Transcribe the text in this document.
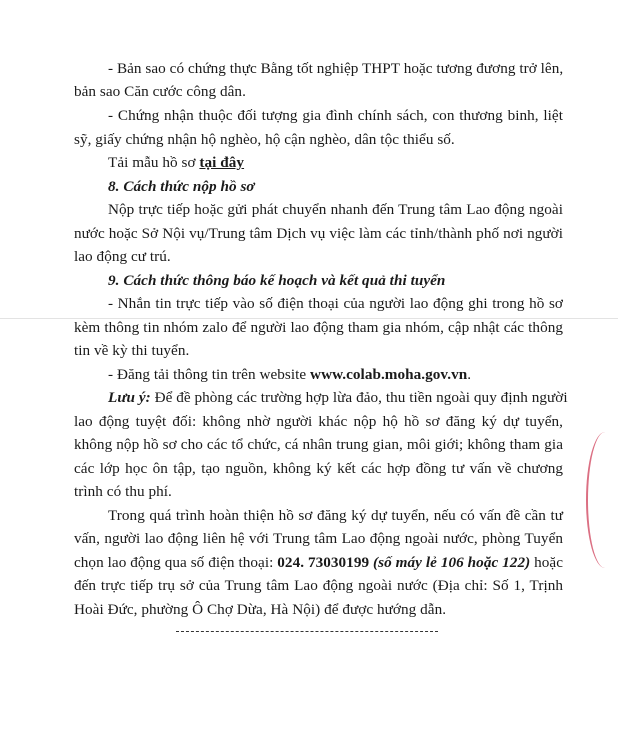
- Bản sao có chứng thực Bằng tốt nghiệp THPT hoặc tương đương trở lên,
bản sao Căn cước công dân.
- Chứng nhận thuộc đối tượng gia đình chính sách, con thương binh, liệt
sỹ, giấy chứng nhận hộ nghèo, hộ cận nghèo, dân tộc thiểu số.
Tải mẫu hồ sơ tại đây
8. Cách thức nộp hồ sơ
Nộp trực tiếp hoặc gửi phát chuyển nhanh đến Trung tâm Lao động ngoài
nước hoặc Sở Nội vụ/Trung tâm Dịch vụ việc làm các tỉnh/thành phố nơi người
lao động cư trú.
9. Cách thức thông báo kế hoạch và kết quả thi tuyển
- Nhắn tin trực tiếp vào số điện thoại của người lao động ghi trong hồ sơ
kèm thông tin nhóm zalo để người lao động tham gia nhóm, cập nhật các thông
tin về kỳ thi tuyển.
- Đăng tải thông tin trên website www.colab.moha.gov.vn.
Lưu ý: Để đề phòng các trường hợp lừa đảo, thu tiền ngoài quy định người
lao động tuyệt đối: không nhờ người khác nộp hộ hồ sơ đăng ký dự tuyển,
không nộp hồ sơ cho các tổ chức, cá nhân trung gian, môi giới; không tham gia
các lớp học ôn tập, tạo nguồn, không ký kết các hợp đồng tư vấn về chương
trình có thu phí.
Trong quá trình hoàn thiện hồ sơ đăng ký dự tuyển, nếu có vấn đề cần tư
vấn, người lao động liên hệ với Trung tâm Lao động ngoài nước, phòng Tuyển
chọn lao động qua số điện thoại: 024. 73030199 (số máy lẻ 106 hoặc 122) hoặc
đến trực tiếp trụ sở của Trung tâm Lao động ngoài nước (Địa chỉ: Số 1, Trịnh
Hoài Đức, phường Ô Chợ Dừa, Hà Nội) để được hướng dẫn.
